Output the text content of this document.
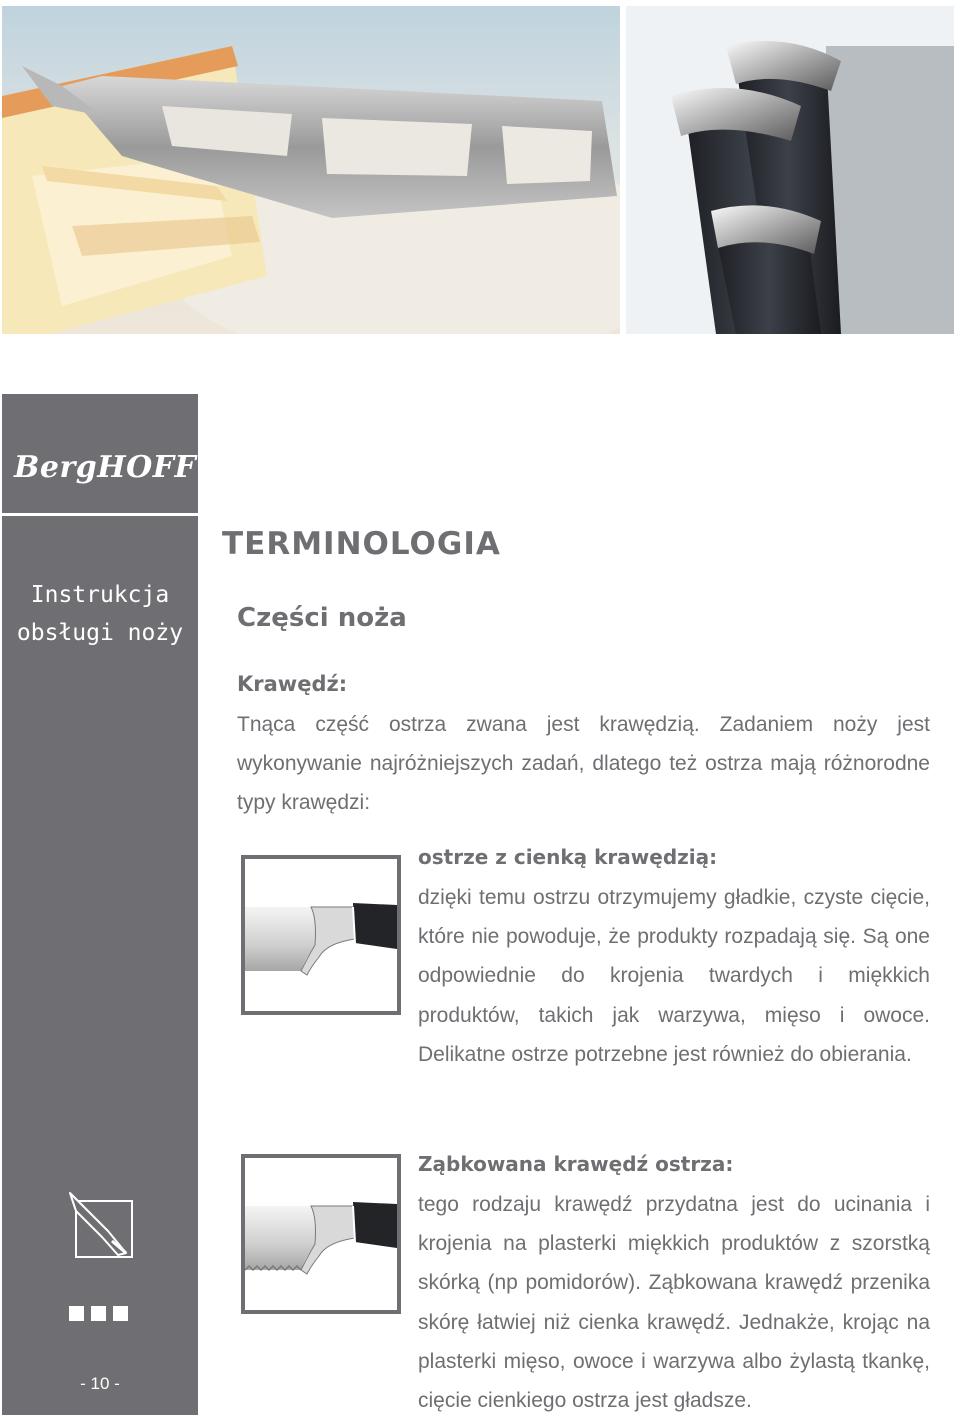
BergHOFF®
Instrukcja
obsługi noży
- 10 -
TERMINOLOGIA
Części noża
Krawędź:
Tnąca część ostrza zwana jest krawędzią. Zadaniem noży jest wykonywanie najróżniejszych zadań, dlatego też ostrza mają różnorodne typy krawędzi:
ostrze z cienką krawędzią:
dzięki temu ostrzu otrzymujemy gładkie, czyste cięcie, które nie powoduje, że produkty rozpadają się. Są one odpowiednie do krojenia twardych i miękkich produktów, takich jak warzywa, mięso i owoce. Delikatne ostrze potrzebne jest również do obierania.
Ząbkowana krawędź ostrza:
tego rodzaju krawędź przydatna jest do ucinania i krojenia na plasterki miękkich produktów z szorstką skórką (np pomidorów). Ząbkowana krawędź przenika skórę łatwiej niż cienka krawędź. Jednakże, krojąc na plasterki mięso, owoce i warzywa albo żylastą tkankę, cięcie cienkiego ostrza jest gładsze.
